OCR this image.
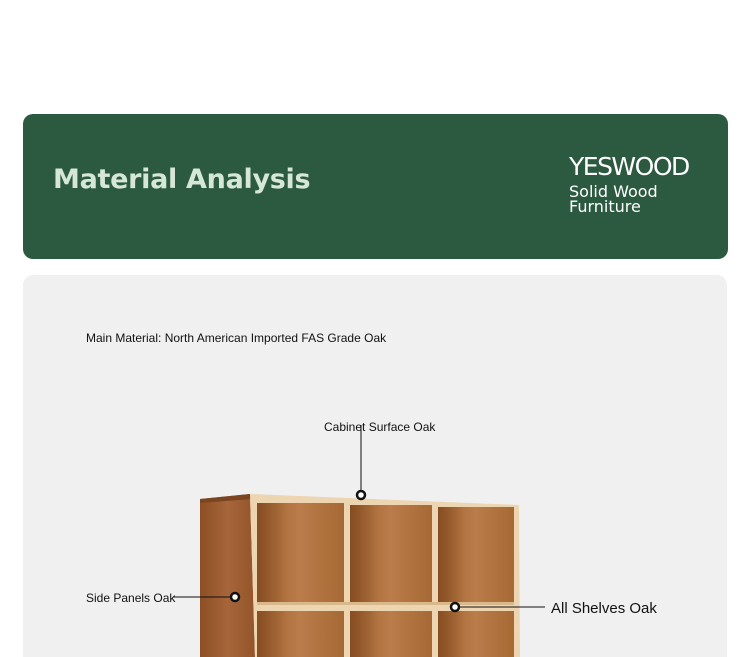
Material Analysis	YESWOOD
Solid Wood Furniture
Main Material: North American Imported FAS Grade Oak
Cabinet Surface Oak
Side Panels Oak
All Shelves Oak
